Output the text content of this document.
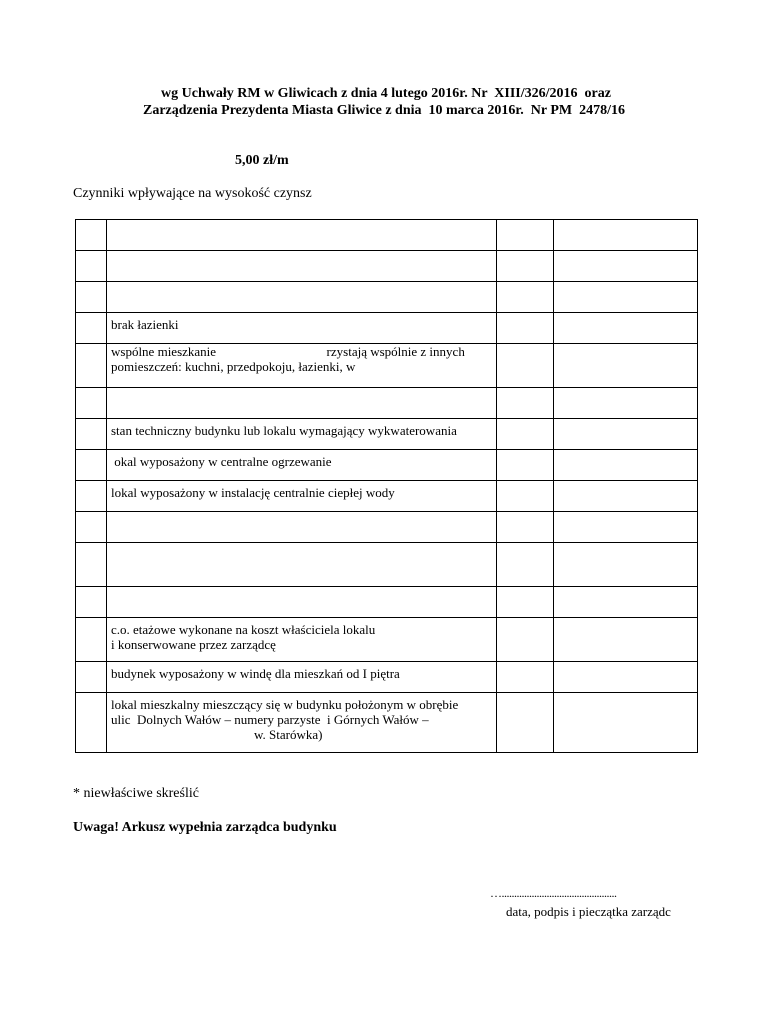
wg Uchwały RM w Gliwicach z dnia 4 lutego 2016r. Nr  XIII/326/2016  oraz
Zarządzenia Prezydenta Miasta Gliwice z dnia  10 marca 2016r.  Nr PM  2478/16
5,00 zł/m
Czynniki wpływające na wysokość czynsz

	brak łazienki		
	wspólne mieszkanie                                  rzystają wspólnie z innych
pomieszczeń: kuchni, przedpokoju, łazienki, w		

	stan techniczny budynku lub lokalu wymagający wykwaterowania		
	okal wyposażony w centralne ogrzewanie		
	lokal wyposażony w instalację centralnie ciepłej wody		

	c.o. etażowe wykonane na koszt właściciela lokalu
i konserwowane przez zarządcę		
	budynek wyposażony w windę dla mieszkań od I piętra		
	lokal mieszkalny mieszczący się w budynku położonym w obrębie
ulic  Dolnych Wałów – numery parzyste  i Górnych Wałów –
w. Starówka)		
* niewłaściwe skreślić
Uwaga! Arkusz wypełnia zarządca budynku
…..............................................
data, podpis i pieczątka zarządc
